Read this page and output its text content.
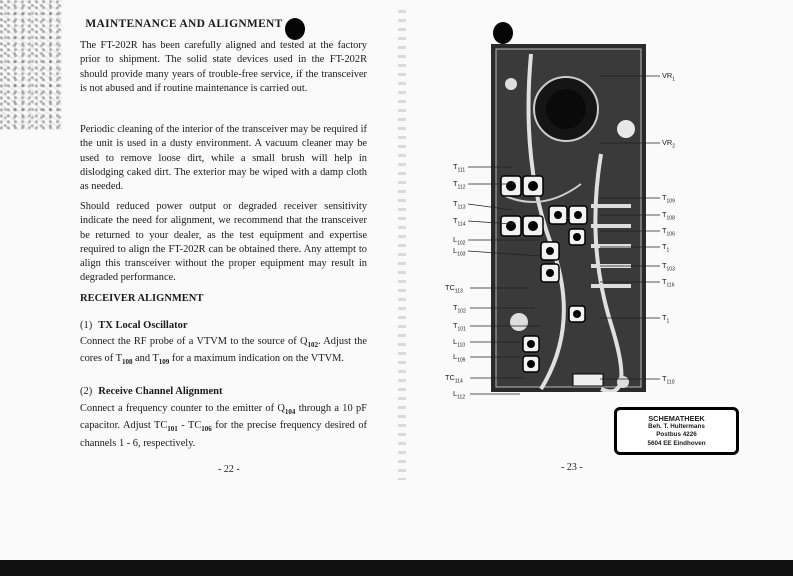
MAINTENANCE AND ALIGNMENT
The FT-202R has been carefully aligned and tested at the factory prior to shipment. The solid state devices used in the FT-202R should provide many years of trouble-free service, if the transceiver is not abused and if routine maintenance is carried out.
Periodic cleaning of the interior of the transceiver may be required if the unit is used in a dusty environment. A vacuum cleaner may be used to remove loose dirt, while a small brush will help in dislodging caked dirt. The exterior may be wiped with a damp cloth as needed.
Should reduced power output or degraded receiver sensitivity indicate the need for alignment, we recommend that the transceiver be returned to your dealer, as the test equipment and expertise required to align the FT-202R can be obtained there. Any attempt to align this transceiver without the proper equipment may result in degraded performance.
RECEIVER ALIGNMENT
(1) TX Local Oscillator
Connect the RF probe of a VTVM to the source of $Q_{102}$. Adjust the cores of $T_{108}$ and $T_{109}$ for a maximum indication on the VTVM.
(2) Receive Channel Alignment
Connect a frequency counter to the emitter of $Q_{104}$ through a 10 pF capacitor. Adjust $TC_{101} - TC_{106}$ for the precise frequency desired of channels 1 - 6, respectively.
- 22 -
$T_{111}$
$T_{112}$
$T_{113}$
$T_{114}$
$L_{102}$
$L_{103}$
$TC_{113}$
$T_{102}$
$T_{101}$
$L_{110}$
$L_{109}$
$TC_{114}$
$L_{112}$
$VR_1$
$VR_2$
$T_{109}$
$T_{108}$
$T_{106}$
$T_1$
$T_{103}$
$T_{116}$
$T_1$
$T_{110}$
SCHEMATHEEK
Beh. T. Hultermans
Postbus 4226
5604 EE Eindhoven
- 23 -
